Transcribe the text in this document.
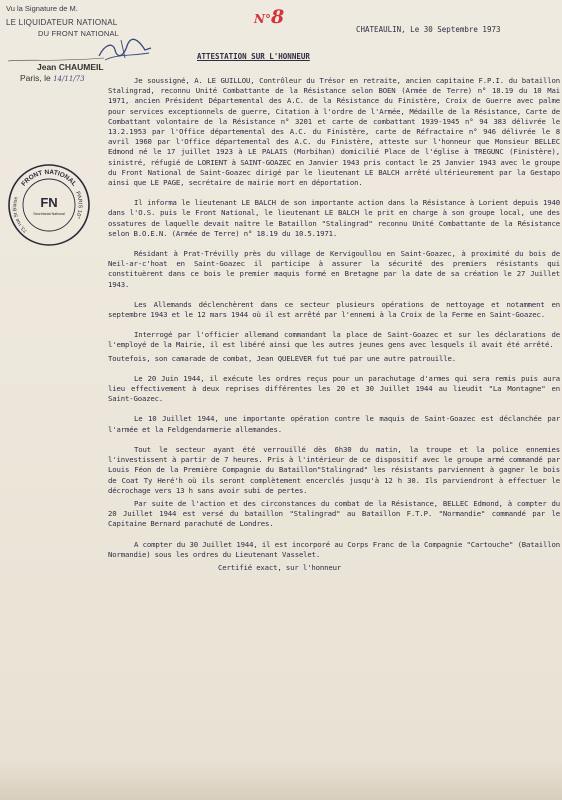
Vu la Signature de M.
LE LIQUIDATEUR NATIONAL
DU FRONT NATIONAL
Jean CHAUMEIL
Paris, le 14/11/73
N°8
CHATEAULIN, Le 30 Septembre 1973
ATTESTATION SUR L'HONNEUR
FRONT NATIONAL
PARIS 10°
73, rue St Blaise	FN
Secrétariat National

Je soussigné, A. LE GUILLOU, Contrôleur du Trésor en retraite, ancien capitaine F.P.I. du bataillon Stalingrad, reconnu Unité Combattante de la Résistance selon BOEN (Armée de Terre) n° 18.19 du 10 Mai 1971, ancien Président Départemental des A.C. de la Résistance du Finistère, Croix de Guerre avec palme pour services exceptionnels de guerre, Citation à l'ordre de l'Armée, Médaille de la Résistance, Carte de Combattant volontaire de la Résistance n° 3201 et carte de combattant 1939-1945 n° 94 383 délivrée le 13.2.1953 par l'Office départemental des A.C. du Finistère, carte de Réfractaire n° 946 délivrée le 8 avril 1960 par l'Office départemental des A.C. du Finistère, atteste sur l'honneur que Monsieur BELLEC Edmond né le 17 juillet 1923 à LE PALAIS (Morbihan) domicilié Place de l'église à TREGUNC (Finistère), sinistré, réfugié de LORIENT à SAINT-GOAZEC en Janvier 1943 pris contact le 25 Janvier 1943 avec le groupe du Front National de Saint-Goazec dirigé par le lieutenant LE BALCH arrêté ultérieurement par la Gestapo ainsi que LE PAGE, secrétaire de mairie mort en déportation.

Il informa le lieutenant LE BALCH de son importante action dans la Résistance à Lorient depuis 1940 dans l'O.S. puis le Front National, le lieutenant LE BALCH le prit en charge à son groupe local, une des ossatures de laquelle devait naître le Bataillon "Stalingrad" reconnu Unité Combattante de la Résistance selon B.O.E.N. (Armée de Terre) n° 18.19 du 10.5.1971.

Résidant à Prat-Trévilly près du village de Kervigoullou en Saint-Goazec, à proximité du bois de Neil-ar-c'hoat en Saint-Goazec il participe à assurer la sécurité des premiers résistants qui constituèrent dans ce bois le premier maquis formé en Bretagne par la date de sa création le 27 Juillet 1943.

Les Allemands déclenchèrent dans ce secteur plusieurs opérations de nettoyage et notamment en septembre 1943 et le 12 mars 1944 où il est arrêté par l'ennemi à la Croix de la Ferme en Saint-Goazec.

Interrogé par l'officier allemand commandant la place de Saint-Goazec et sur les déclarations de l'employé de la Mairie, il est libéré ainsi que les autres jeunes gens avec lesquels il avait été arrêté.

Toutefois, son camarade de combat, Jean QUELEVER fut tué par une autre patrouille.

Le 20 Juin 1944, il exécute les ordres reçus pour un parachutage d'armes qui sera remis puis aura lieu effectivement à deux reprises différentes les 20 et 30 Juillet 1944 au lieudit "La Montagne" en Saint-Goazec.

Le 10 Juillet 1944, une importante opération contre le maquis de Saint-Goazec est déclanchée par l'armée et la Feldgendarmerie allemandes.

Tout le secteur ayant été verrouillé dès 6h30 du matin, la troupe et la police ennemies l'investissent à partir de 7 heures. Pris à l'intérieur de ce dispositif avec le groupe armé commandé par Louis Féon de la Première Compagnie du Bataillon"Stalingrad" les résistants parviennent à gagner le bois de Coat Ty Heré'h où ils seront complètement encerclés jusqu'à 12 h 30. Ils parviendront à effectuer le décrochage vers 13 h sans avoir subi de pertes.

Par suite de l'action et des circonstances du combat de la Résistance, BELLEC Edmond, à compter du 20 Juillet 1944 est versé du bataillon "Stalingrad" au Bataillon F.T.P. "Normandie" commandé par le Capitaine Bernard parachuté de Londres.

A compter du 30 Juillet 1944, il est incorporé au Corps Franc de la Compagnie "Cartouche" (Bataillon Normandie) sous les ordres du Lieutenant Vasselet.

Certifié exact, sur l'honneur
